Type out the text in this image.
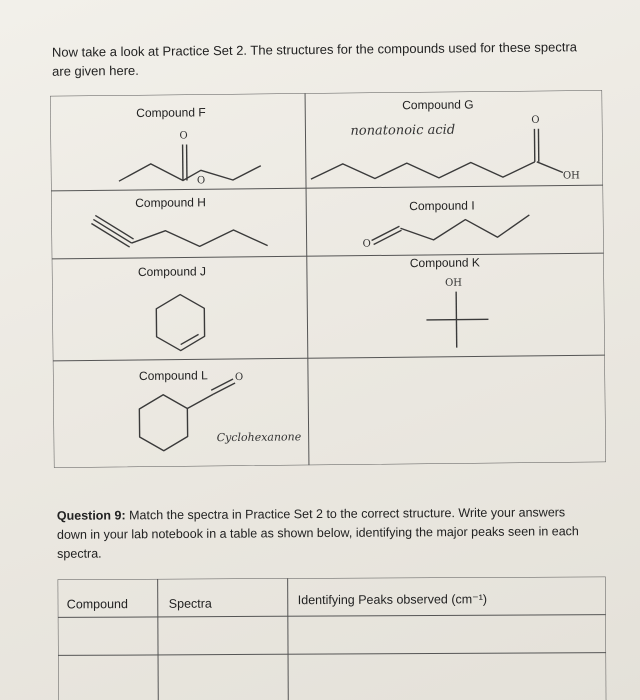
Now take a look at Practice Set 2. The structures for the compounds used for these spectra are given here.
Compound F
Compound G
Compound H	Compound I
Compound J
Compound K
Compound L
nonatonoic acid
Cyclohexanone
O
O
O
OH
O
OH
O
Question 9: Match the spectra in Practice Set 2 to the correct structure. Write your answers down in your lab notebook in a table as shown below, identifying the major peaks seen in each spectra.
Compound	Spectra	Identifying Peaks observed (cm⁻¹)
